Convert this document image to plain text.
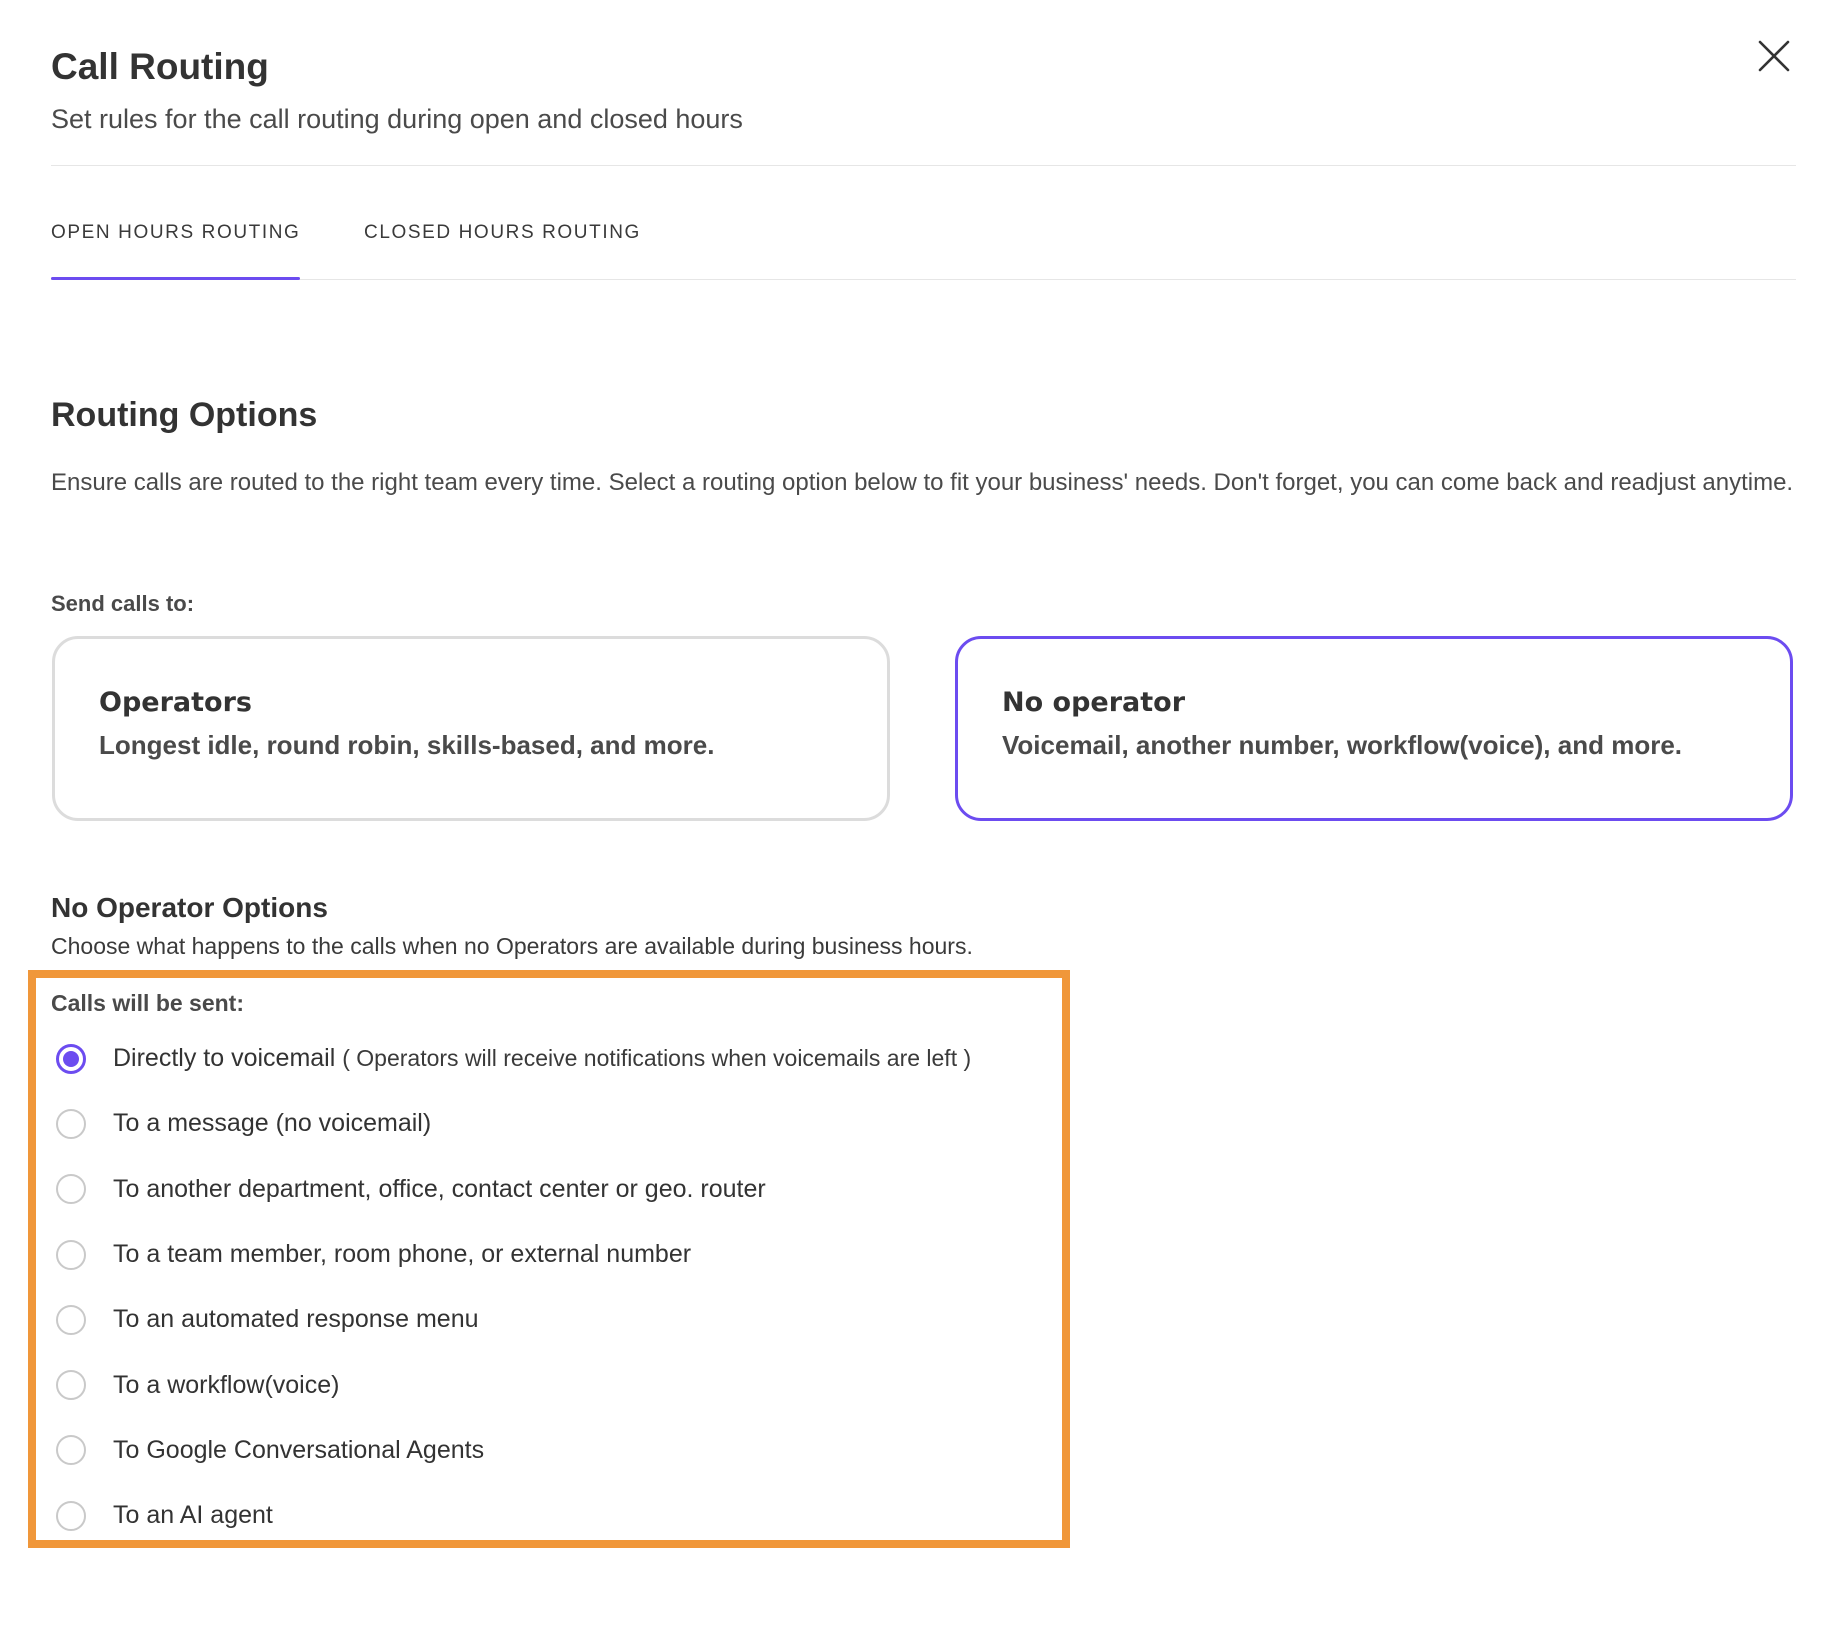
Call Routing
Set rules for the call routing during open and closed hours
OPEN HOURS ROUTING	CLOSED HOURS ROUTING
Routing Options
Ensure calls are routed to the right team every time. Select a routing option below to fit your business' needs. Don't forget, you can come back and readjust anytime.
Send calls to:
Operators
Longest idle, round robin, skills-based, and more.
No operator
Voicemail, another number, workflow(voice), and more.
No Operator Options
Choose what happens to the calls when no Operators are available during business hours.
Calls will be sent:
Directly to voicemail ( Operators will receive notifications when voicemails are left )
To a message (no voicemail)
To another department, office, contact center or geo. router
To a team member, room phone, or external number
To an automated response menu
To a workflow(voice)
To Google Conversational Agents
To an AI agent
